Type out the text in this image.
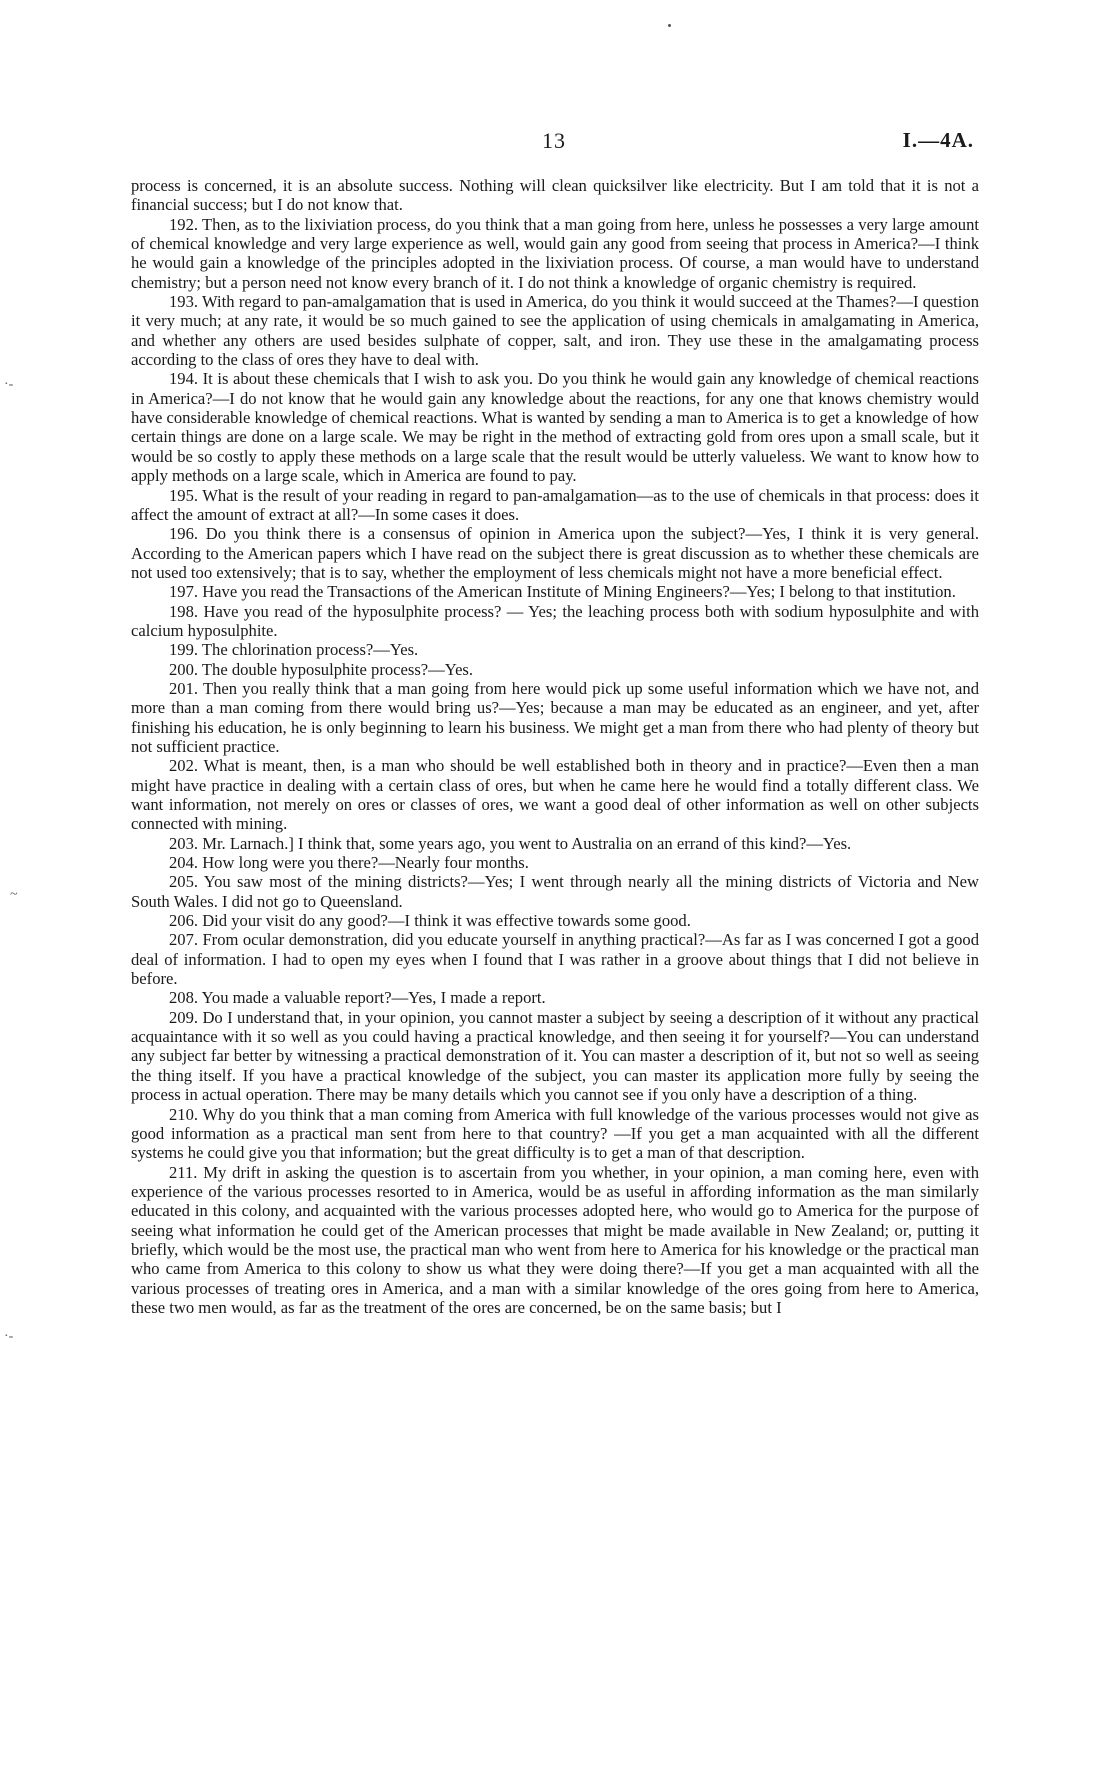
13	I.—4A.
·-
~
·-

process is concerned, it is an absolute success. Nothing will clean quicksilver like electricity. But I am told that it is not a financial success; but I do not know that.

192. Then, as to the lixiviation process, do you think that a man going from here, unless he possesses a very large amount of chemical knowledge and very large experience as well, would gain any good from seeing that process in America?—I think he would gain a knowledge of the principles adopted in the lixiviation process. Of course, a man would have to understand chemistry; but a person need not know every branch of it. I do not think a knowledge of organic chemistry is required.

193. With regard to pan-amalgamation that is used in America, do you think it would succeed at the Thames?—I question it very much; at any rate, it would be so much gained to see the application of using chemicals in amalgamating in America, and whether any others are used besides sulphate of copper, salt, and iron. They use these in the amalgamating process according to the class of ores they have to deal with.

194. It is about these chemicals that I wish to ask you. Do you think he would gain any knowledge of chemical reactions in America?—I do not know that he would gain any knowledge about the reactions, for any one that knows chemistry would have considerable knowledge of chemical reactions. What is wanted by sending a man to America is to get a knowledge of how certain things are done on a large scale. We may be right in the method of extracting gold from ores upon a small scale, but it would be so costly to apply these methods on a large scale that the result would be utterly valueless. We want to know how to apply methods on a large scale, which in America are found to pay.

195. What is the result of your reading in regard to pan-amalgamation—as to the use of chemicals in that process: does it affect the amount of extract at all?—In some cases it does.

196. Do you think there is a consensus of opinion in America upon the subject?—Yes, I think it is very general. According to the American papers which I have read on the subject there is great discussion as to whether these chemicals are not used too extensively; that is to say, whether the employment of less chemicals might not have a more beneficial effect.

197. Have you read the Transactions of the American Institute of Mining Engineers?—Yes; I belong to that institution.

198. Have you read of the hyposulphite process? — Yes; the leaching process both with sodium hyposulphite and with calcium hyposulphite.

199. The chlorination process?—Yes.

200. The double hyposulphite process?—Yes.

201. Then you really think that a man going from here would pick up some useful information which we have not, and more than a man coming from there would bring us?—Yes; because a man may be educated as an engineer, and yet, after finishing his education, he is only beginning to learn his business. We might get a man from there who had plenty of theory but not sufficient practice.

202. What is meant, then, is a man who should be well established both in theory and in practice?—Even then a man might have practice in dealing with a certain class of ores, but when he came here he would find a totally different class. We want information, not merely on ores or classes of ores, we want a good deal of other information as well on other subjects connected with mining.

203. Mr. Larnach.] I think that, some years ago, you went to Australia on an errand of this kind?—Yes.

204. How long were you there?—Nearly four months.

205. You saw most of the mining districts?—Yes; I went through nearly all the mining districts of Victoria and New South Wales. I did not go to Queensland.

206. Did your visit do any good?—I think it was effective towards some good.

207. From ocular demonstration, did you educate yourself in anything practical?—As far as I was concerned I got a good deal of information. I had to open my eyes when I found that I was rather in a groove about things that I did not believe in before.

208. You made a valuable report?—Yes, I made a report.

209. Do I understand that, in your opinion, you cannot master a subject by seeing a description of it without any practical acquaintance with it so well as you could having a practical knowledge, and then seeing it for yourself?—You can understand any subject far better by witnessing a practical demonstration of it. You can master a description of it, but not so well as seeing the thing itself. If you have a practical knowledge of the subject, you can master its application more fully by seeing the process in actual operation. There may be many details which you cannot see if you only have a description of a thing.

210. Why do you think that a man coming from America with full knowledge of the various processes would not give as good information as a practical man sent from here to that country? —If you get a man acquainted with all the different systems he could give you that information; but the great difficulty is to get a man of that description.

211. My drift in asking the question is to ascertain from you whether, in your opinion, a man coming here, even with experience of the various processes resorted to in America, would be as useful in affording information as the man similarly educated in this colony, and acquainted with the various processes adopted here, who would go to America for the purpose of seeing what information he could get of the American processes that might be made available in New Zealand; or, putting it briefly, which would be the most use, the practical man who went from here to America for his knowledge or the practical man who came from America to this colony to show us what they were doing there?—If you get a man acquainted with all the various processes of treating ores in America, and a man with a similar knowledge of the ores going from here to America, these two men would, as far as the treatment of the ores are concerned, be on the same basis; but I
